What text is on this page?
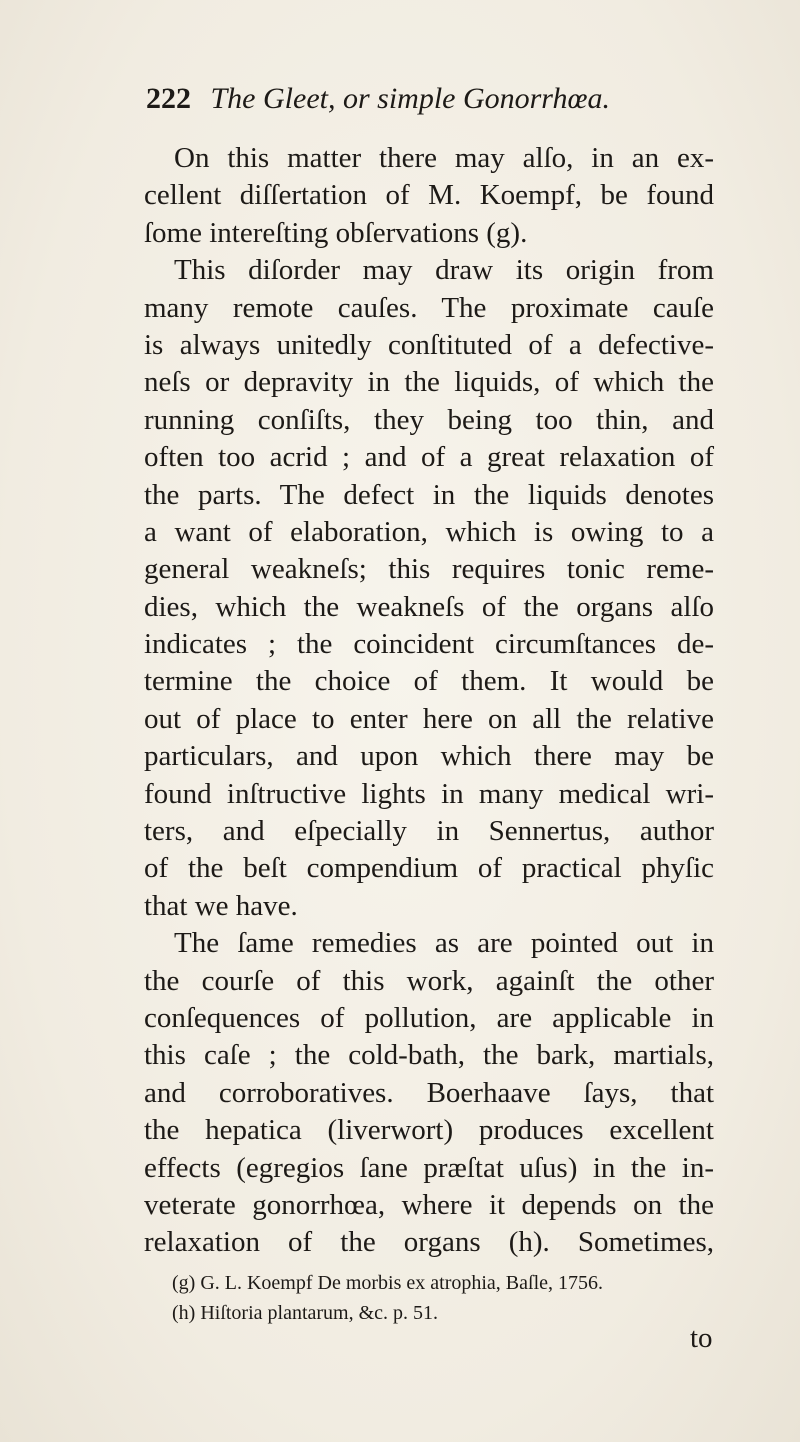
222 The Gleet, or simple Gonorrhœa.
On this matter there may alſo, in an ex-
cellent diſſertation of M. Koempf, be found
ſome intereſting obſervations (g).
This diſorder may draw its origin from
many remote cauſes. The proximate cauſe
is always unitedly conſtituted of a defective-
neſs or depravity in the liquids, of which the
running conſiſts, they being too thin, and
often too acrid ; and of a great relaxation of
the parts. The defect in the liquids denotes
a want of elaboration, which is owing to a
general weakneſs; this requires tonic reme-
dies, which the weakneſs of the organs alſo
indicates ; the coincident circumſtances de-
termine the choice of them. It would be
out of place to enter here on all the relative
particulars, and upon which there may be
found inſtructive lights in many medical wri-
ters, and eſpecially in Sennertus, author
of the beſt compendium of practical phyſic
that we have.
The ſame remedies as are pointed out in
the courſe of this work, againſt the other
conſequences of pollution, are applicable in
this caſe ; the cold-bath, the bark, martials,
and corroboratives. Boerhaave ſays, that
the hepatica (liverwort) produces excellent
effects (egregios ſane præſtat uſus) in the in-
veterate gonorrhœa, where it depends on the
relaxation of the organs (h). Sometimes,
(g) G. L. Koempf De morbis ex atrophia, Baſle, 1756.
(h) Hiſtoria plantarum, &c. p. 51.
to
